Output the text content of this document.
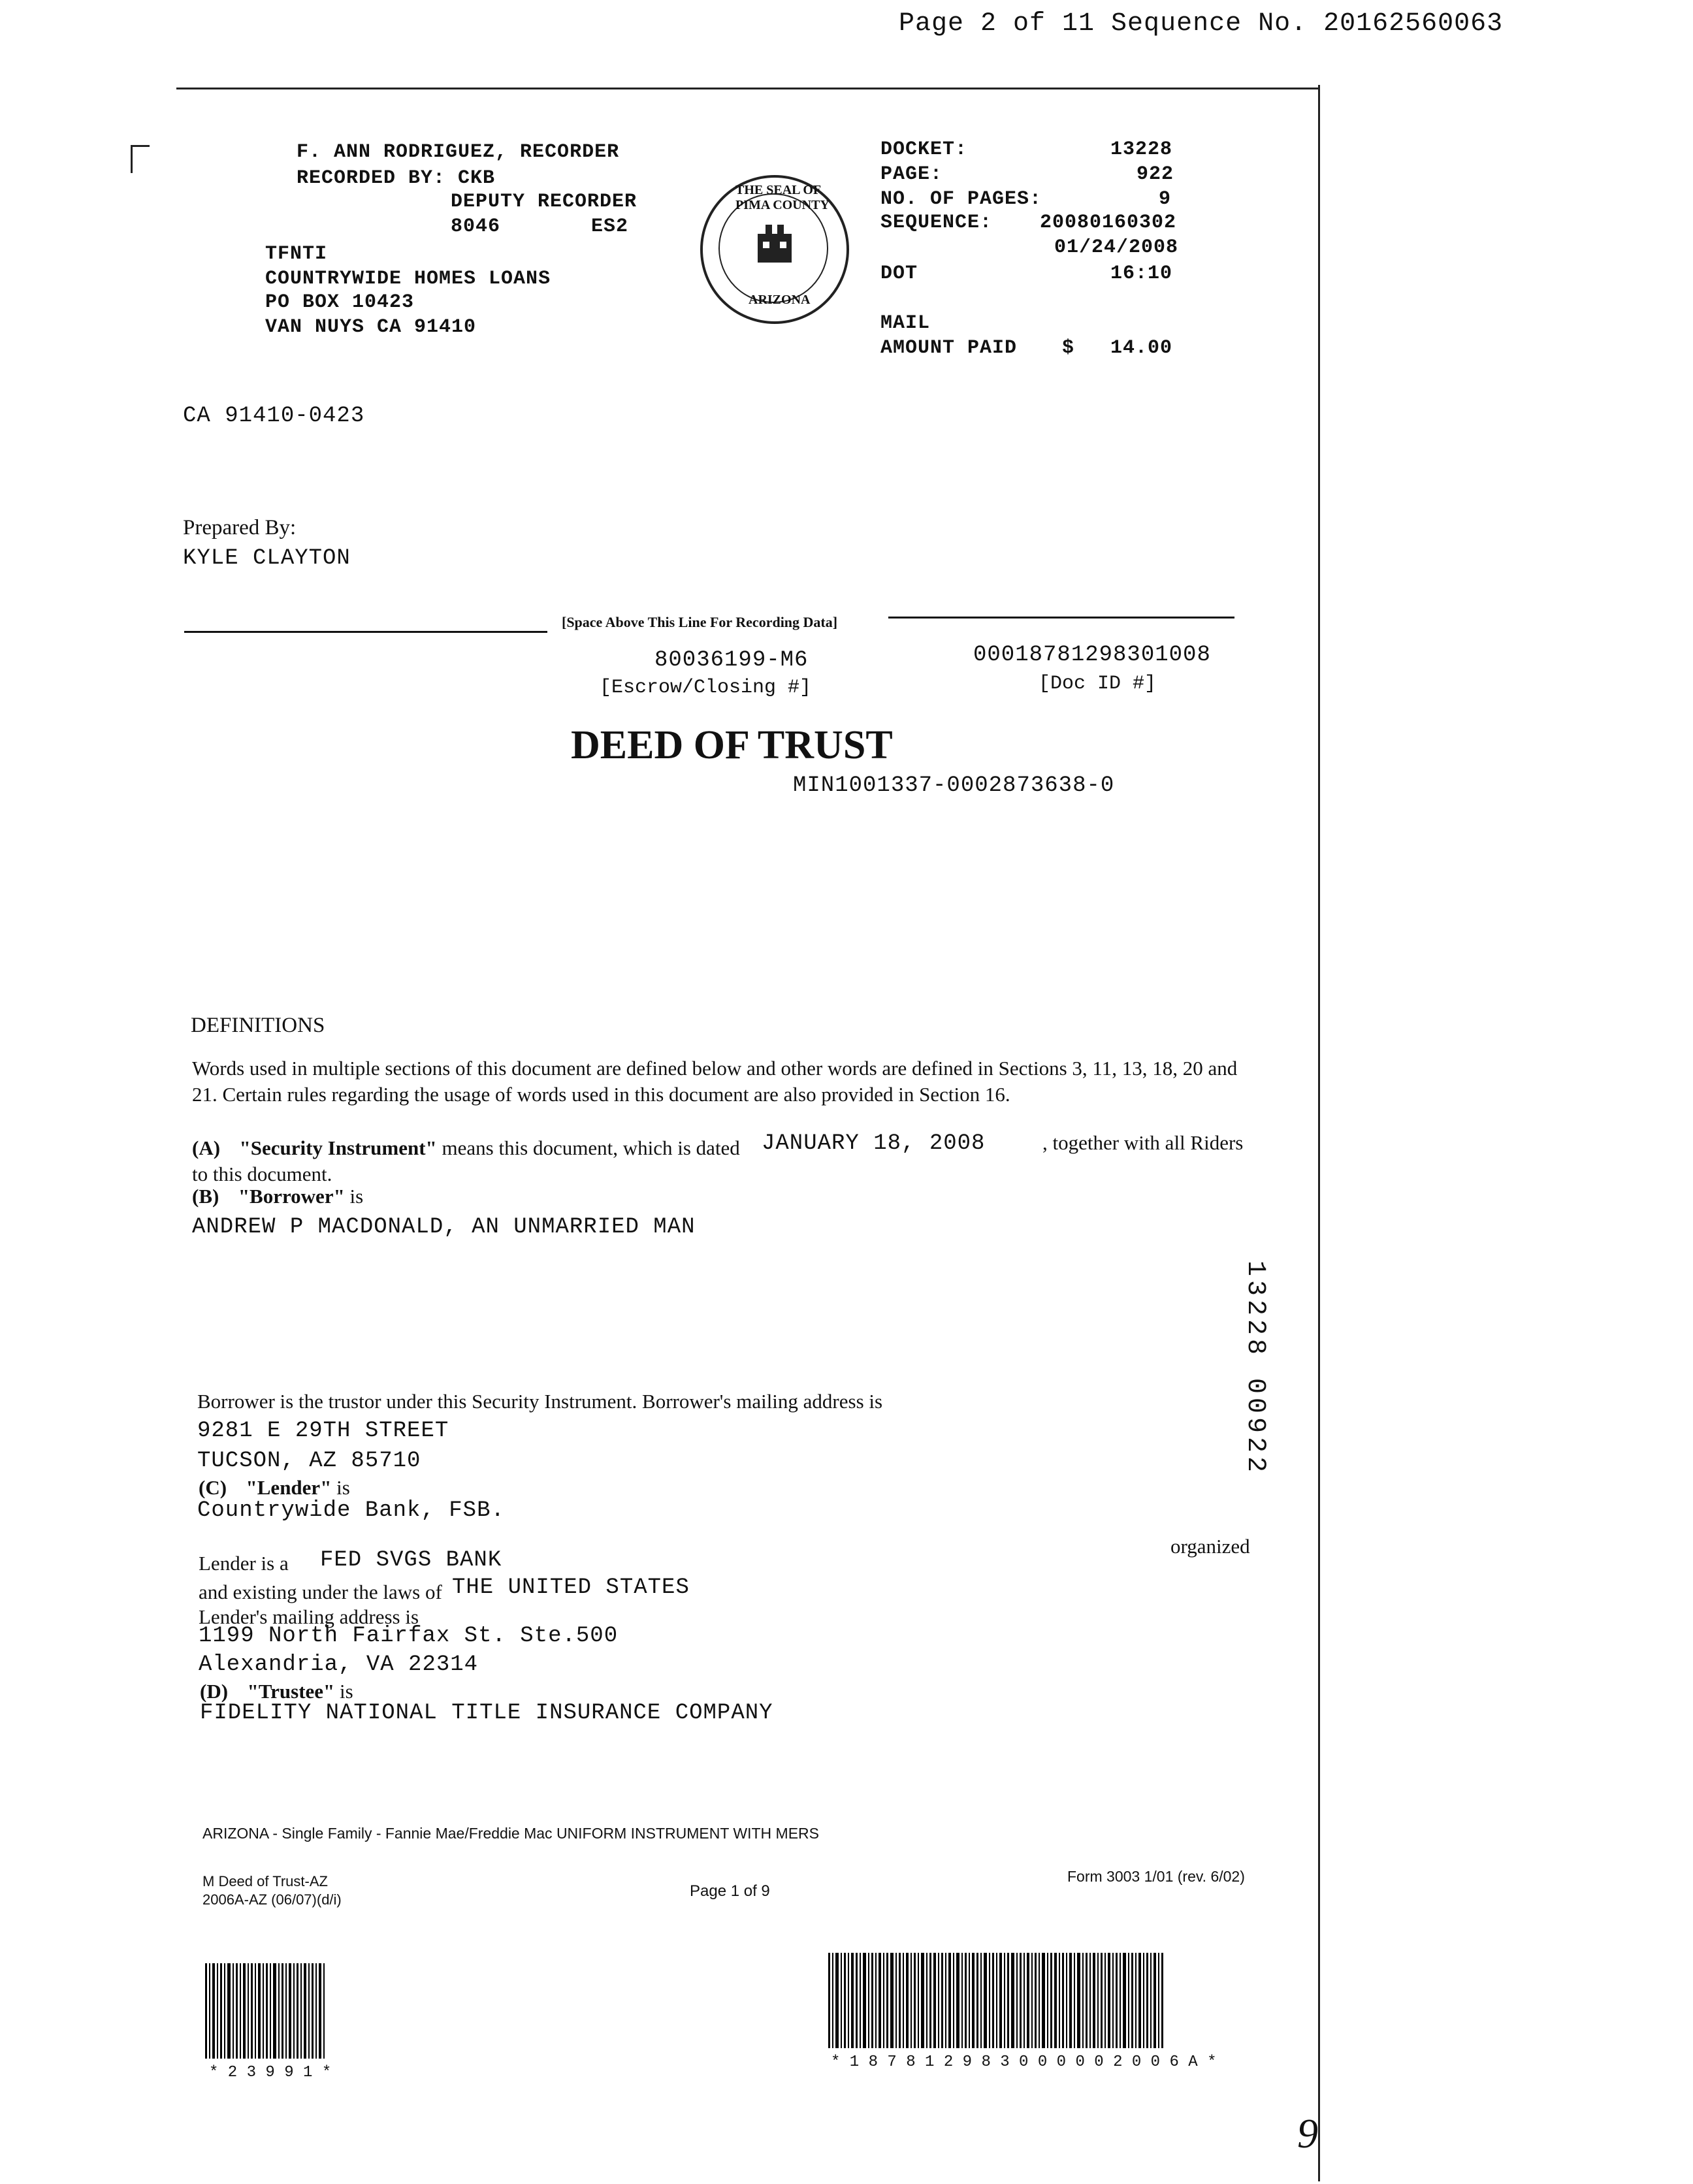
Page 2 of 11 Sequence No. 20162560063
F. ANN RODRIGUEZ, RECORDER
RECORDED BY: CKB
DEPUTY RECORDER
8046	ES2
TFNTI
COUNTRYWIDE HOMES LOANS
PO BOX 10423
VAN NUYS CA 91410
THE SEAL OF PIMA COUNTY
ARIZONA
DOCKET:	13228
PAGE:	922
NO. OF PAGES:	9
SEQUENCE: 20080160302
01/24/2008
DOT	16:10
MAIL
AMOUNT PAID $ 14.00
CA 91410-0423
Prepared By:
KYLE CLAYTON
[Space Above This Line For Recording Data]
80036199-M6
[Escrow/Closing #]
00018781298301008
[Doc ID #]
DEED OF TRUST
MIN1001337-0002873638-0
DEFINITIONS
Words used in multiple sections of this document are defined below and other words are defined in Sections 3, 11, 13, 18, 20 and
21. Certain rules regarding the usage of words used in this document are also provided in Section 16.
(A) "Security Instrument" means this document, which is dated JANUARY 18, 2008	, together with all Riders
to this document.
(B) "Borrower" is
ANDREW P MACDONALD, AN UNMARRIED MAN
Borrower is the trustor under this Security Instrument. Borrower's mailing address is
9281 E 29TH STREET
TUCSON, AZ 85710
(C) "Lender" is
Countrywide Bank, FSB.
Lender is a FED SVGS BANK
organized
and existing under the laws of THE UNITED STATES
Lender's mailing address is
1199 North Fairfax St. Ste.500
Alexandria, VA 22314
(D) "Trustee" is
FIDELITY NATIONAL TITLE INSURANCE COMPANY
13228 00922
ARIZONA - Single Family - Fannie Mae/Freddie Mac UNIFORM INSTRUMENT WITH MERS
M Deed of Trust-AZ
2006A-AZ (06/07)(d/i)	Page 1 of 9
Form 3003 1/01 (rev. 6/02)
* 2 3 9 9 1 *
* 1 8 7 8 1 2 9 8 3 0 0 0 0 0 2 0 0 6 A *
9
